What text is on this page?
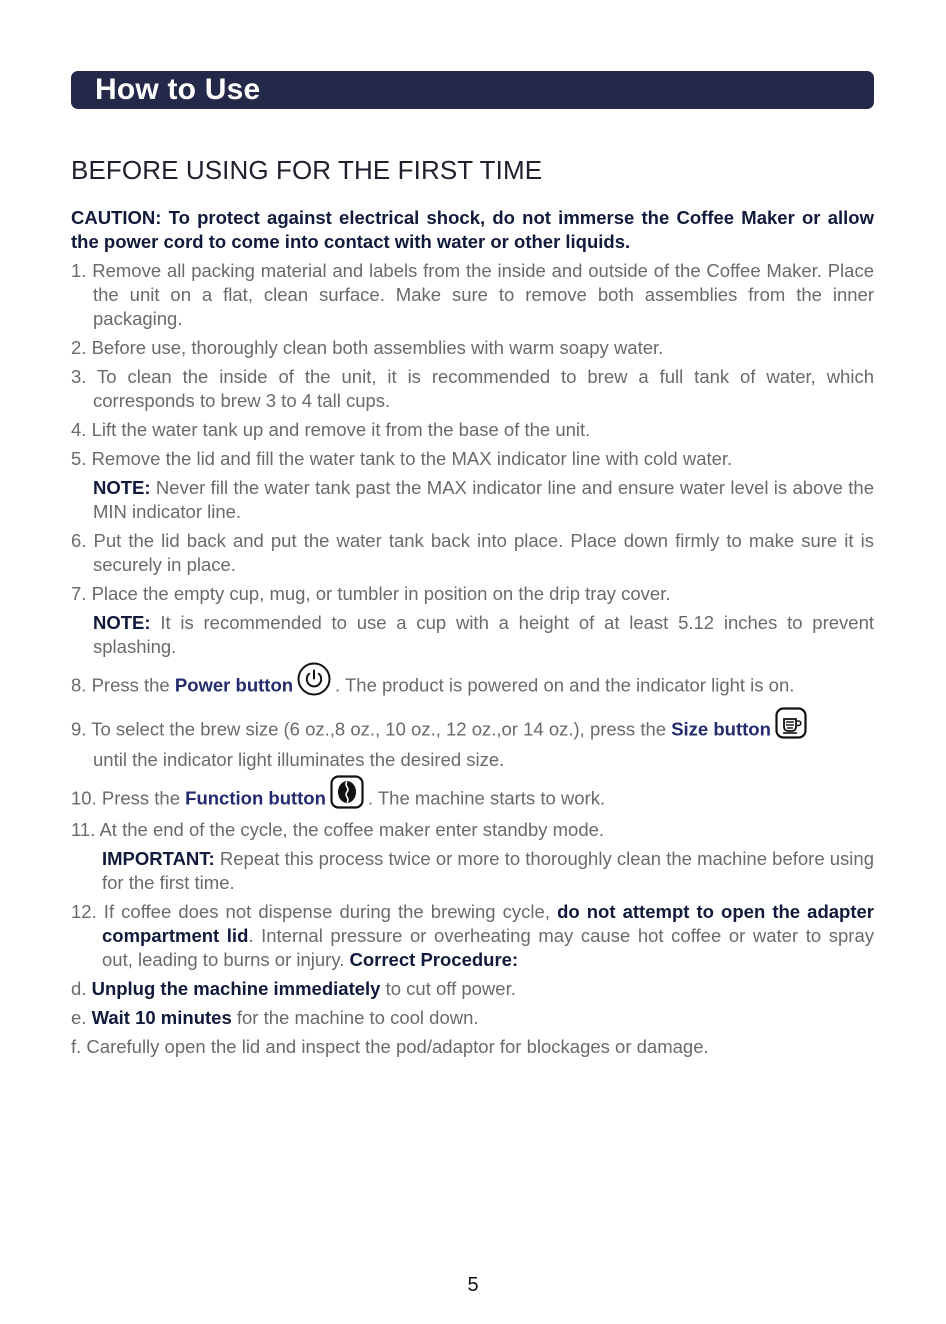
How to Use
BEFORE USING FOR THE FIRST TIME

CAUTION: To protect against electrical shock, do not immerse the Coffee Maker or allow the power cord to come into contact with water or other liquids.

1. Remove all packing material and labels from the inside and outside of the Coffee Maker. Place the unit on a flat, clean surface. Make sure to remove both assemblies from the inner packaging.

2. Before use, thoroughly clean both assemblies with warm soapy water.

3. To clean the inside of the unit, it is recommended to brew a full tank of water, which corresponds to brew 3 to 4 tall cups.

4. Lift the water tank up and remove it from the base of the unit.

5. Remove the lid and fill the water tank to the MAX indicator line with cold water.

NOTE: Never fill the water tank past the MAX indicator line and ensure water level is above the MIN indicator line.

6. Put the lid back and put the water tank back into place. Place down firmly to make sure it is securely in place.

7. Place the empty cup, mug, or tumbler in position on the drip tray cover.

NOTE: It is recommended to use a cup with a height of at least 5.12 inches to prevent splashing.

8. Press the Power button . The product is powered on and the indicator light is on.

9. To select the brew size (6 oz.,8 oz., 10 oz., 12 oz.,or 14 oz.), press the Size button

until the indicator light illuminates the desired size.

10. Press the Function button . The machine starts to work.

11. At the end of the cycle, the coffee maker enter standby mode.

IMPORTANT: Repeat this process twice or more to thoroughly clean the machine before using for the first time.

12. If coffee does not dispense during the brewing cycle, do not attempt to open the adapter compartment lid. Internal pressure or overheating may cause hot coffee or water to spray out, leading to burns or injury. Correct Procedure:

d. Unplug the machine immediately to cut off power.

e. Wait 10 minutes for the machine to cool down.

f. Carefully open the lid and inspect the pod/adaptor for blockages or damage.

5
